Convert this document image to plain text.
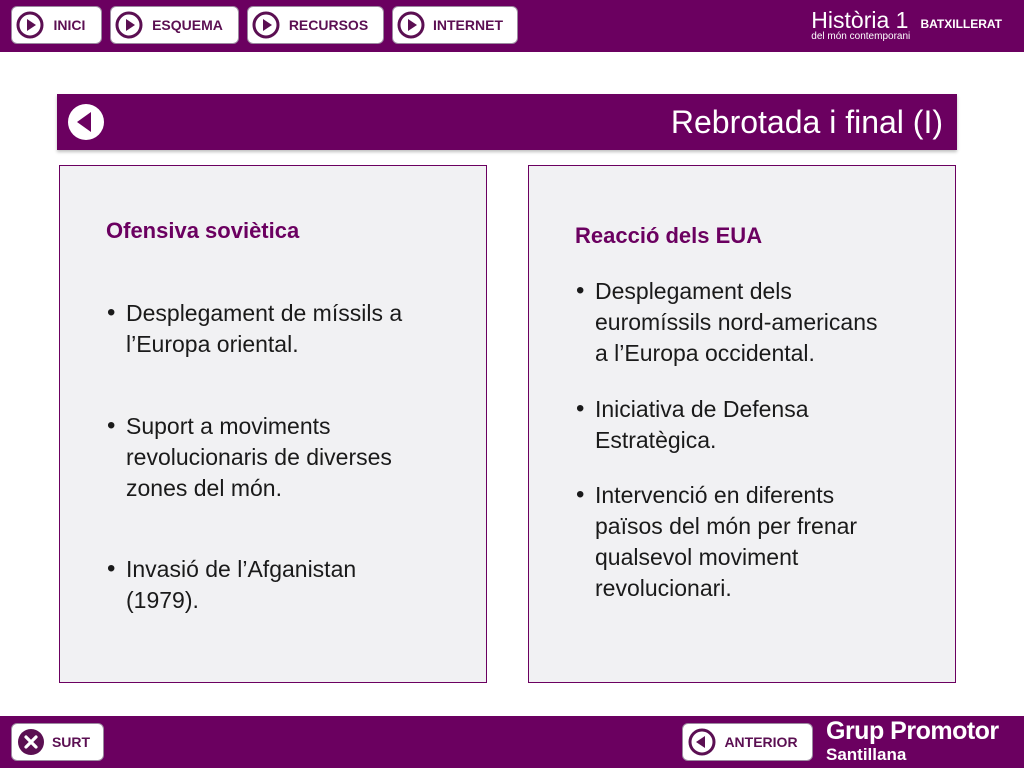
INICI	ESQUEMA	RECURSOS	INTERNET	Història 1 BATXILLERAT
del món contemporani
Rebrotada i final (I)
Ofensiva soviètica
• Desplegament de míssils a
l’Europa oriental.
• Suport a moviments
revolucionaris de diverses
zones del món.
• Invasió de l’Afganistan
(1979).
Reacció dels EUA
• Desplegament dels
euromíssils nord-americans
a l’Europa occidental.
• Iniciativa de Defensa
Estratègica.
• Intervenció en diferents
països del món per frenar
qualsevol moviment
revolucionari.
SURT	ANTERIOR	Grup Promotor
Santillana
